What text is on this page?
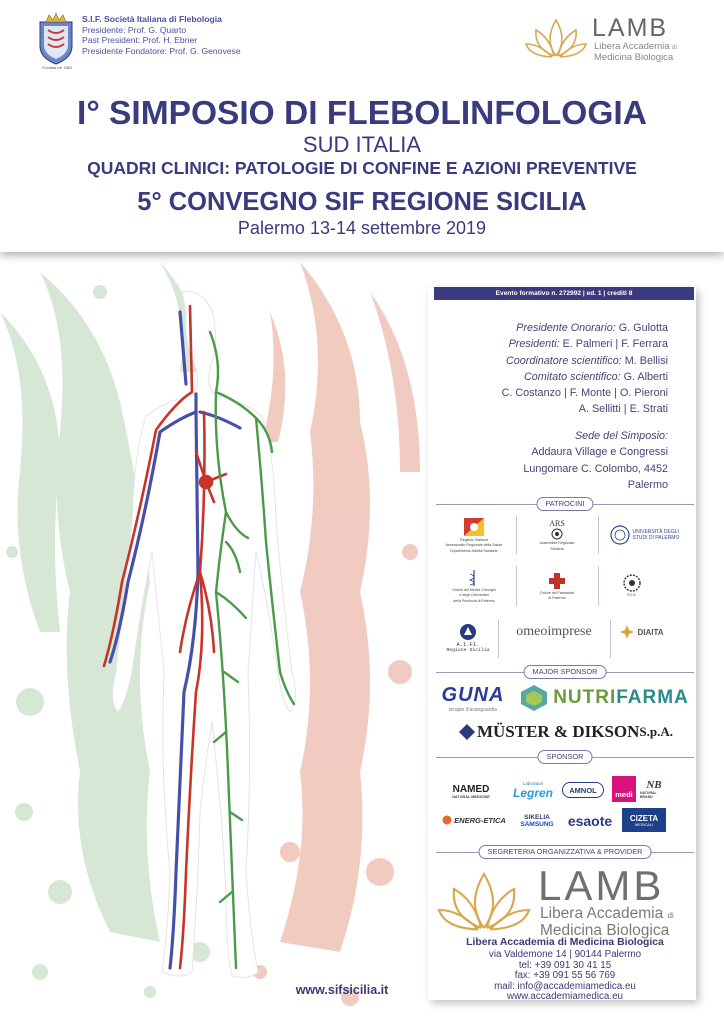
S.I.F. Società Italiana di Flebologia
Presidente: Prof. G. Quarto
Past President: Prof. H. Ebner
Presidente Fondatore: Prof. G. Genovese
Fondata nel 1983
LAMB
Libera Accademia di
Medicina Biologica
I° SIMPOSIO DI FLEBOLINFOLOGIA
SUD ITALIA
QUADRI CLINICI: PATOLOGIE DI CONFINE E AZIONI PREVENTIVE
5° CONVEGNO SIF REGIONE SICILIA
Palermo 13-14 settembre 2019
Evento formativo n. 272992 | ed. 1 | crediti 8
Presidente Onorario: G. Gulotta
Presidenti: E. Palmeri | F. Ferrara
Coordinatore scientifico: M. Bellisi
Comitato scientifico: G. Alberti
C. Costanzo | F. Monte | O. Pieroni
A. Sellitti | E. Strati
Sede del Simposio:
Addaura Village e Congressi
Lungomare C. Colombo, 4452
Palermo
PATROCINI
Regione Siciliana
Assessorato Regionale della Salute
Dipartimento Attività Sanitarie
ARS
Assemblea Regionale
Siciliana
UNIVERSITÀ DEGLI STUDI DI PALERMO
Ordine dei Medici Chirurghi
e degli Odontoiatri
della Provincia di Palermo
Ordine dei Farmacisti
di Palermo
R.I.D.
A.I.FI.
Regione Sicilia
omeoimprese	DIAITA
MAJOR SPONSOR
GUNA
terapie d'avanguardia
NUTRI FARMA
MÜSTER & DIKSON S.p.A.
SPONSOR
NAMED
NATURAL MEDICINE
Laboratori
Legren AMNOL medi
NB
NATURAL BRAND
ENERG-ETICA	SIKELIA
SAMSUNG esaote CIZETA
MEDICALI
SEGRETERIA ORGANIZZATIVA & PROVIDER
LAMB
Libera Accademia di
Medicina Biologica
Libera Accademia di Medicina Biologica
via Valdemone 14 | 90144 Palermo
tel: +39 091 30 41 15
fax: +39 091 55 56 769
mail: info@accademiamedica.eu
www.accademiamedica.eu
www.sifsicilia.it
